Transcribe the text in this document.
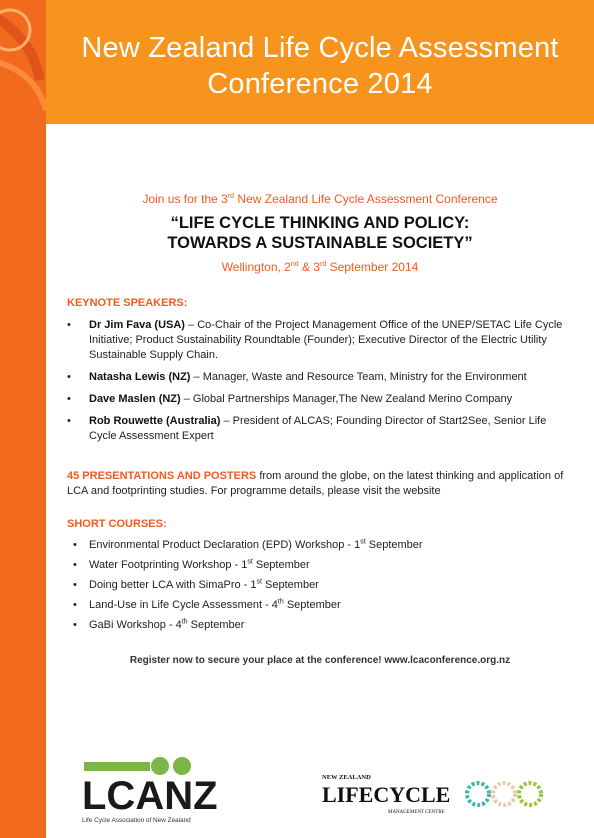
New Zealand Life Cycle Assessment
Conference 2014
Join us for the 3rd New Zealand Life Cycle Assessment Conference
“LIFE CYCLE THINKING AND POLICY:
TOWARDS A SUSTAINABLE SOCIETY”
Wellington, 2nd & 3rd September 2014
KEYNOTE SPEAKERS:
• Dr Jim Fava (USA) – Co-Chair of the Project Management Office of the UNEP/SETAC Life Cycle Initiative; Product Sustainability Roundtable (Founder); Executive Director of the Electric Utility Sustainable Supply Chain.
• Natasha Lewis (NZ) – Manager, Waste and Resource Team, Ministry for the Environment
• Dave Maslen (NZ) – Global Partnerships Manager,The New Zealand Merino Company
• Rob Rouwette (Australia) – President of ALCAS; Founding Director of Start2See, Senior Life Cycle Assessment Expert
45 PRESENTATIONS AND POSTERS from around the globe, on the latest thinking and application of LCA and footprinting studies. For programme details, please visit the website
SHORT COURSES:
• Environmental Product Declaration (EPD) Workshop - 1st September
• Water Footprinting Workshop - 1st September
• Doing better LCA with SimaPro - 1st September
• Land-Use in Life Cycle Assessment - 4th September
• GaBi Workshop - 4th September
Register now to secure your place at the conference! www.lcaconference.org.nz
LCANZ
Life Cycle Association of New Zealand
NEW ZEALAND
LIFECYCLE
MANAGEMENT CENTRE
